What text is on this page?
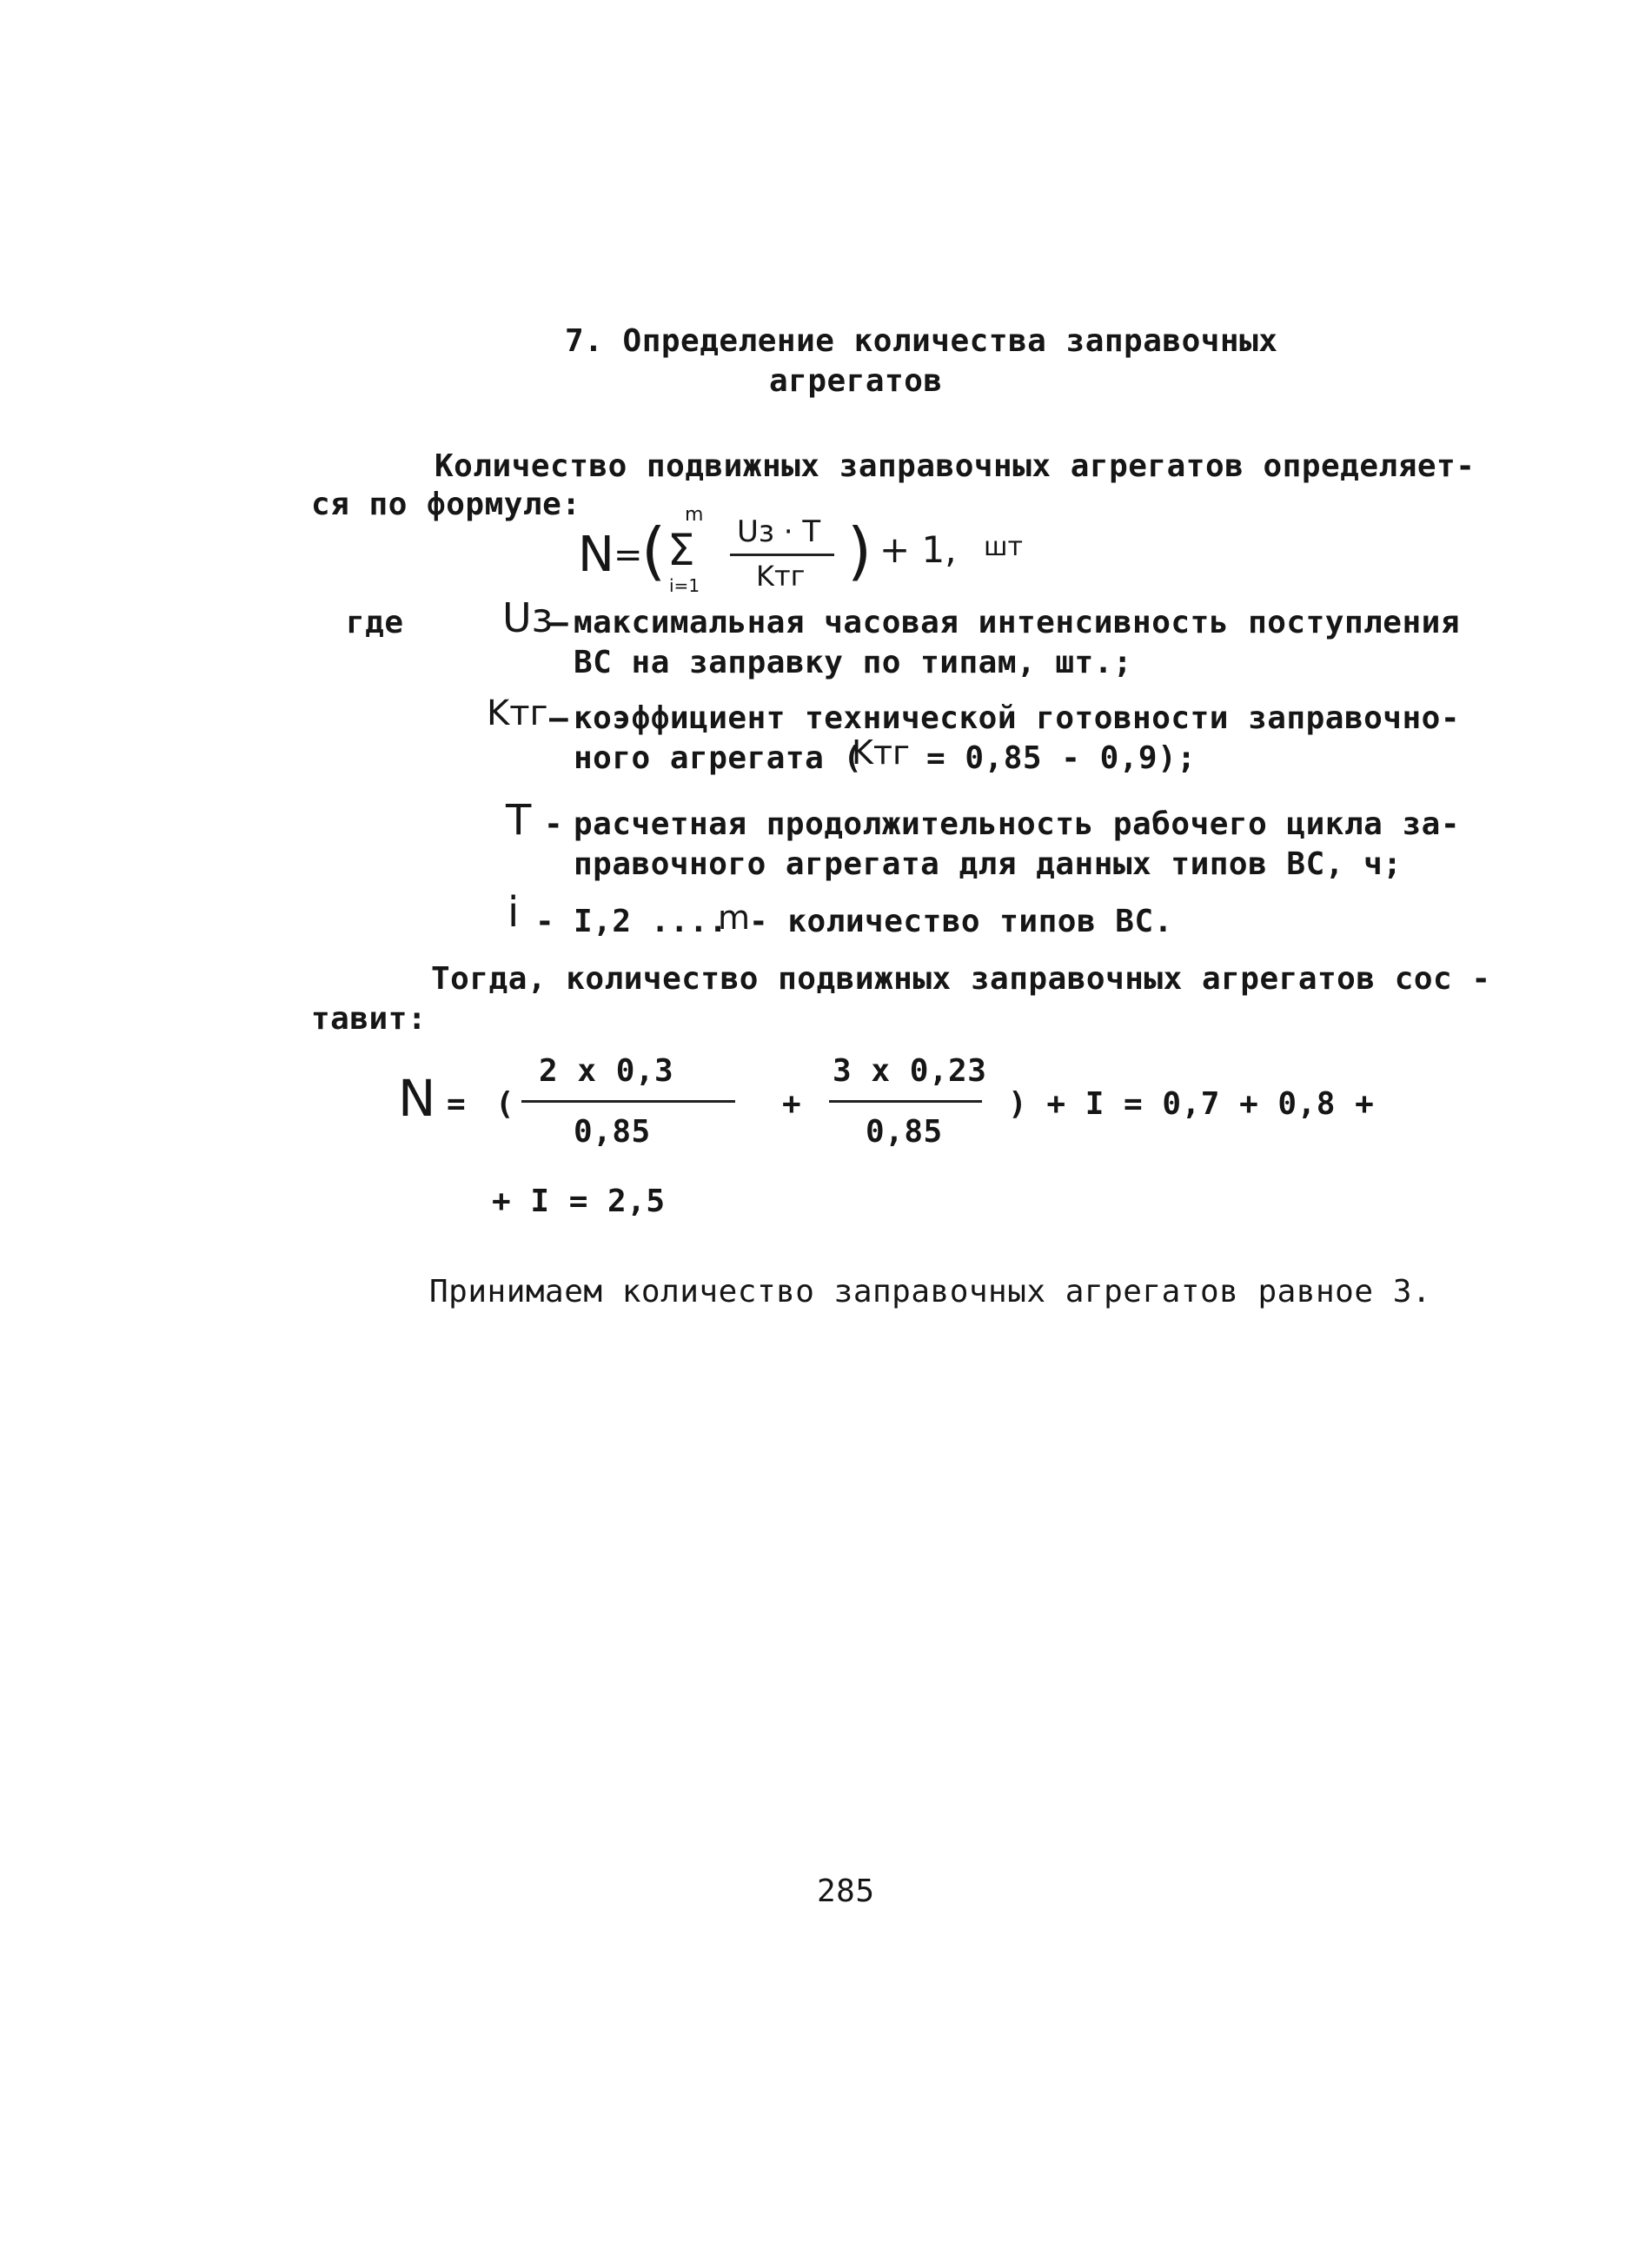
7. Определение количества заправочных
агрегатов
Количество подвижных заправочных агрегатов определяет-
ся по формуле:
N =
( Σ
m
i=1
Uз · T
Kтг ) + 1, шт
где Uз
– максимальная часовая интенсивность поступления
ВС на заправку по типам, шт.;
Kтг – коэффициент технической готовности заправочно-
ного агрегата (
Kтг = 0,85 - 0,9);
T - расчетная продолжительность рабочего цикла за-
правочного агрегата для данных типов ВС, ч;
i - I,2 ....
m
- количество типов ВС.
Тогда, количество подвижных заправочных агрегатов сос -
тавит:
N = (
2 x 0,3
0,85
+
3 x 0,23
0,85
) + I = 0,7 + 0,8 +
+ I = 2,5
Принимаем количество заправочных агрегатов равное 3.
285
